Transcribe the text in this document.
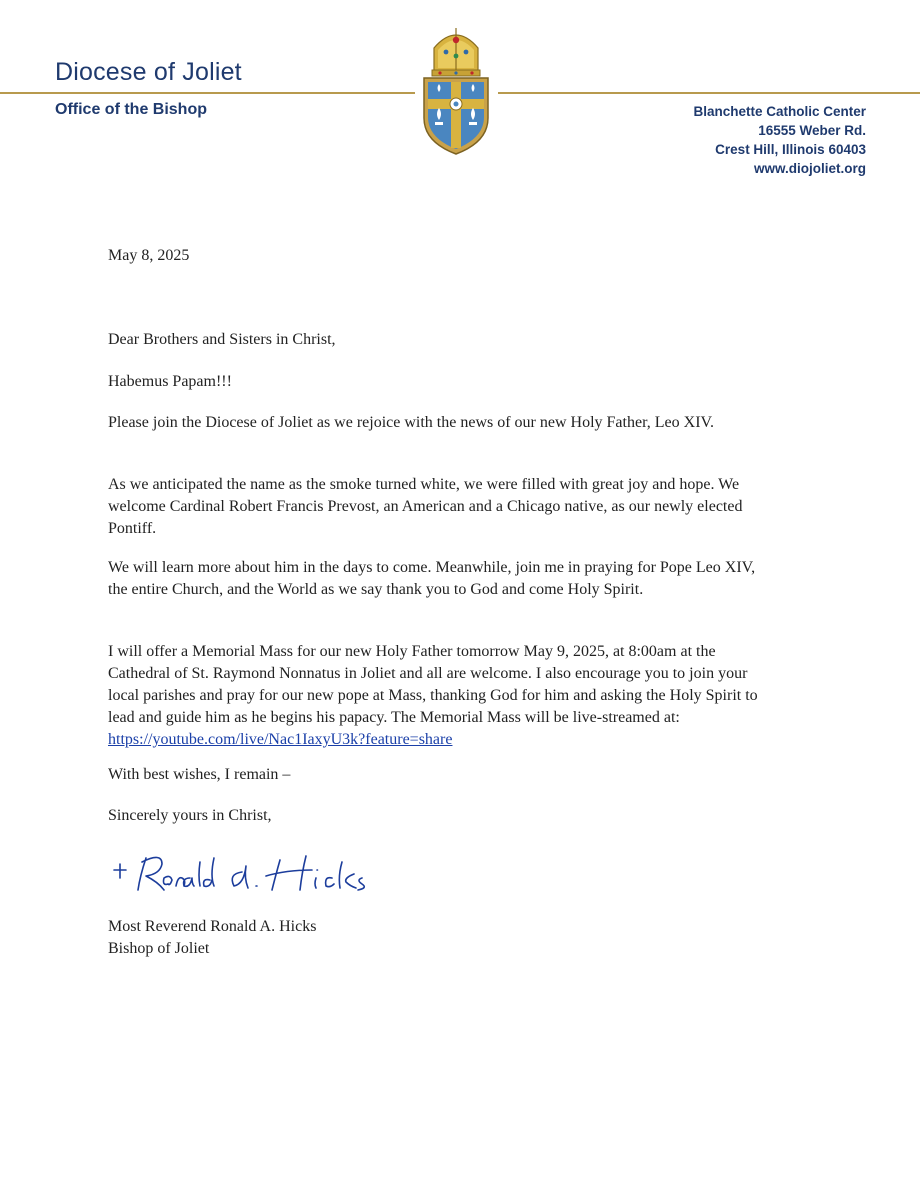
Diocese of Joliet
Office of the Bishop	Blanchette Catholic Center
16555 Weber Rd.
Crest Hill, Illinois 60403
www.diojoliet.org

May 8, 2025

Dear Brothers and Sisters in Christ,

Habemus Papam!!!

Please join the Diocese of Joliet as we rejoice with the news of our new Holy Father, Leo XIV.

As we anticipated the name as the smoke turned white, we were filled with great joy and hope. We welcome Cardinal Robert Francis Prevost, an American and a Chicago native, as our newly elected Pontiff.

We will learn more about him in the days to come. Meanwhile, join me in praying for Pope Leo XIV, the entire Church, and the World as we say thank you to God and come Holy Spirit.

I will offer a Memorial Mass for our new Holy Father tomorrow May 9, 2025, at 8:00am at the Cathedral of St. Raymond Nonnatus in Joliet and all are welcome. I also encourage you to join your local parishes and pray for our new pope at Mass, thanking God for him and asking the Holy Spirit to lead and guide him as he begins his papacy. The Memorial Mass will be live-streamed at: https://youtube.com/live/Nac1IaxyU3k?feature=share

With best wishes, I remain –

Sincerely yours in Christ,

Most Reverend Ronald A. Hicks

Bishop of Joliet
